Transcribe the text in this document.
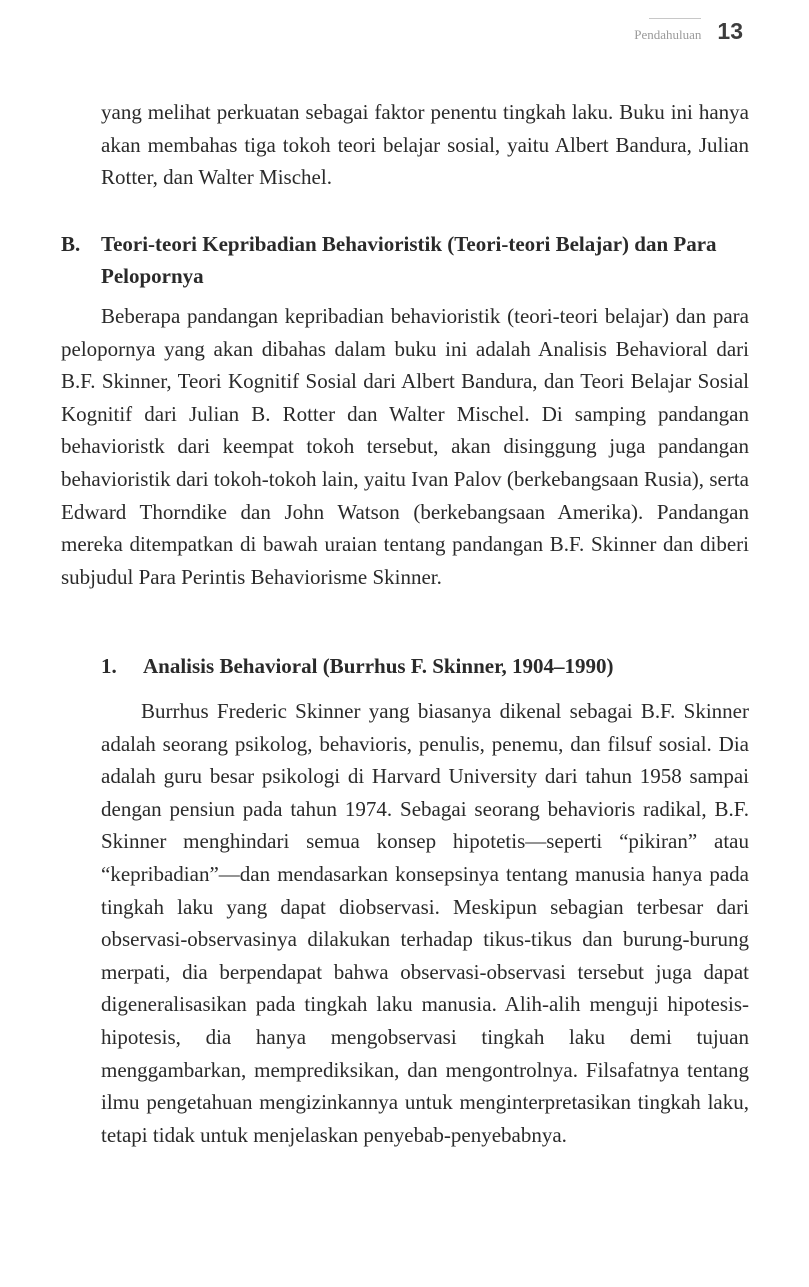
Pendahuluan 13

yang melihat perkuatan sebagai faktor penentu tingkah laku. Buku ini hanya akan membahas tiga tokoh teori belajar sosial, yaitu Albert Bandura, Julian Rotter, dan Walter Mischel.

B. Teori-teori Kepribadian Behavioristik (Teori-teori Belajar) dan Para Pelopornya

Beberapa pandangan kepribadian behavioristik (teori-teori belajar) dan para pelopornya yang akan dibahas dalam buku ini adalah Analisis Behavioral dari B.F. Skinner, Teori Kognitif Sosial dari Albert Bandura, dan Teori Belajar Sosial Kognitif dari Julian B. Rotter dan Walter Mischel. Di samping pandangan behavioristk dari keempat tokoh tersebut, akan disinggung juga pandangan behavioristik dari tokoh-tokoh lain, yaitu Ivan Palov (berkebangsaan Rusia), serta Edward Thorndike dan John Watson (berkebangsaan Amerika). Pandangan mereka ditempatkan di bawah uraian tentang pandangan B.F. Skinner dan diberi subjudul Para Perintis Behaviorisme Skinner.

1.	Analisis Behavioral (Burrhus F. Skinner, 1904–1990)

Burrhus Frederic Skinner yang biasanya dikenal sebagai B.F. Skinner adalah seorang psikolog, behavioris, penulis, penemu, dan filsuf sosial. Dia adalah guru besar psikologi di Harvard University dari tahun 1958 sampai dengan pensiun pada tahun 1974. Sebagai seorang behavioris radikal, B.F. Skinner menghindari semua konsep hipotetis—seperti “pikiran” atau “kepribadian”—dan mendasarkan konsepsinya tentang manusia hanya pada tingkah laku yang dapat diobservasi. Meskipun sebagian terbesar dari observasi-observasinya dilakukan terhadap tikus-tikus dan burung-burung merpati, dia berpendapat bahwa observasi-observasi tersebut juga dapat digeneralisasikan pada tingkah laku manusia. Alih-alih menguji hipotesis-hipotesis, dia hanya mengobservasi tingkah laku demi tujuan menggambarkan, memprediksikan, dan mengontrolnya. Filsafatnya tentang ilmu pengetahuan mengizinkannya untuk menginterpretasikan tingkah laku, tetapi tidak untuk menjelaskan penyebab-penyebabnya.
